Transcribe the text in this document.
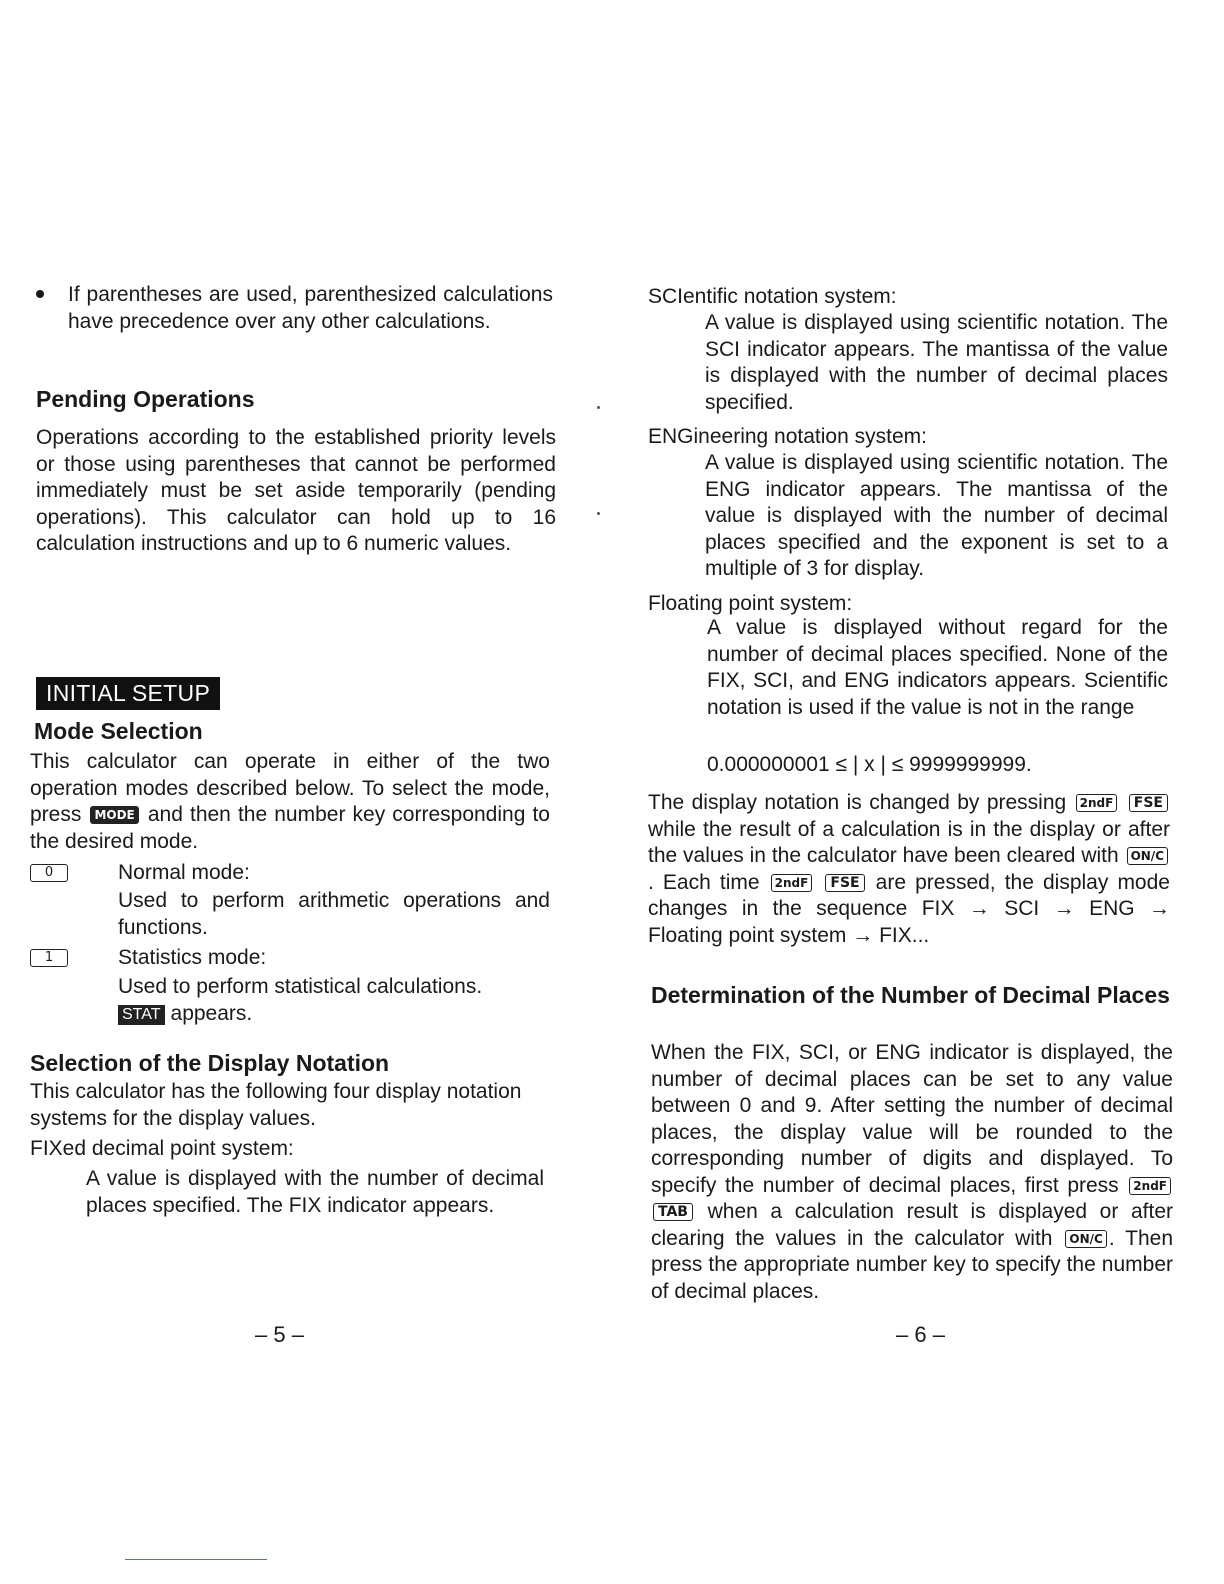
If parentheses are used, parenthesized calculations have precedence over any other calculations.

Pending Operations

Operations according to the established priority levels or those using parentheses that cannot be performed immediately must be set aside temporarily (pending operations). This calculator can hold up to 16 calculation instructions and up to 6 numeric values.

INITIAL SETUP
Mode Selection

This calculator can operate in either of the two operation modes described below. To select the mode, press MODE and then the number key corresponding to the desired mode.

0	Normal mode:

Used to perform arithmetic operations and functions.

1	Statistics mode:

Used to perform statistical calculations.

STAT appears.

Selection of the Display Notation

This calculator has the following four display notation systems for the display values.

FIXed decimal point system:

A value is displayed with the number of decimal places specified. The FIX indicator appears.

– 5 –

SCIentific notation system:

A value is displayed using scientific notation. The SCI indicator appears. The mantissa of the value is displayed with the number of decimal places specified.

ENGineering notation system:

A value is displayed using scientific notation. The ENG indicator appears. The mantissa of the value is displayed with the number of decimal places specified and the exponent is set to a multiple of 3 for display.

Floating point system:

A value is displayed without regard for the number of decimal places specified. None of the FIX, SCI, and ENG indicators appears. Scientific notation is used if the value is not in the range

0.000000001 ≤ | x | ≤ 9999999999.

The display notation is changed by pressing 2ndF FSE while the result of a calculation is in the display or after the values in the calculator have been cleared with ON/C. Each time 2ndF FSE are pressed, the display mode changes in the sequence FIX → SCI → ENG → Floating point system → FIX...

Determination of the Number of Decimal Places

When the FIX, SCI, or ENG indicator is displayed, the number of decimal places can be set to any value between 0 and 9. After setting the number of decimal places, the display value will be rounded to the corresponding number of digits and displayed. To specify the number of decimal places, first press 2ndF TAB when a calculation result is displayed or after clearing the values in the calculator with ON/C . Then press the appropriate number key to specify the number of decimal places.

– 6 –
